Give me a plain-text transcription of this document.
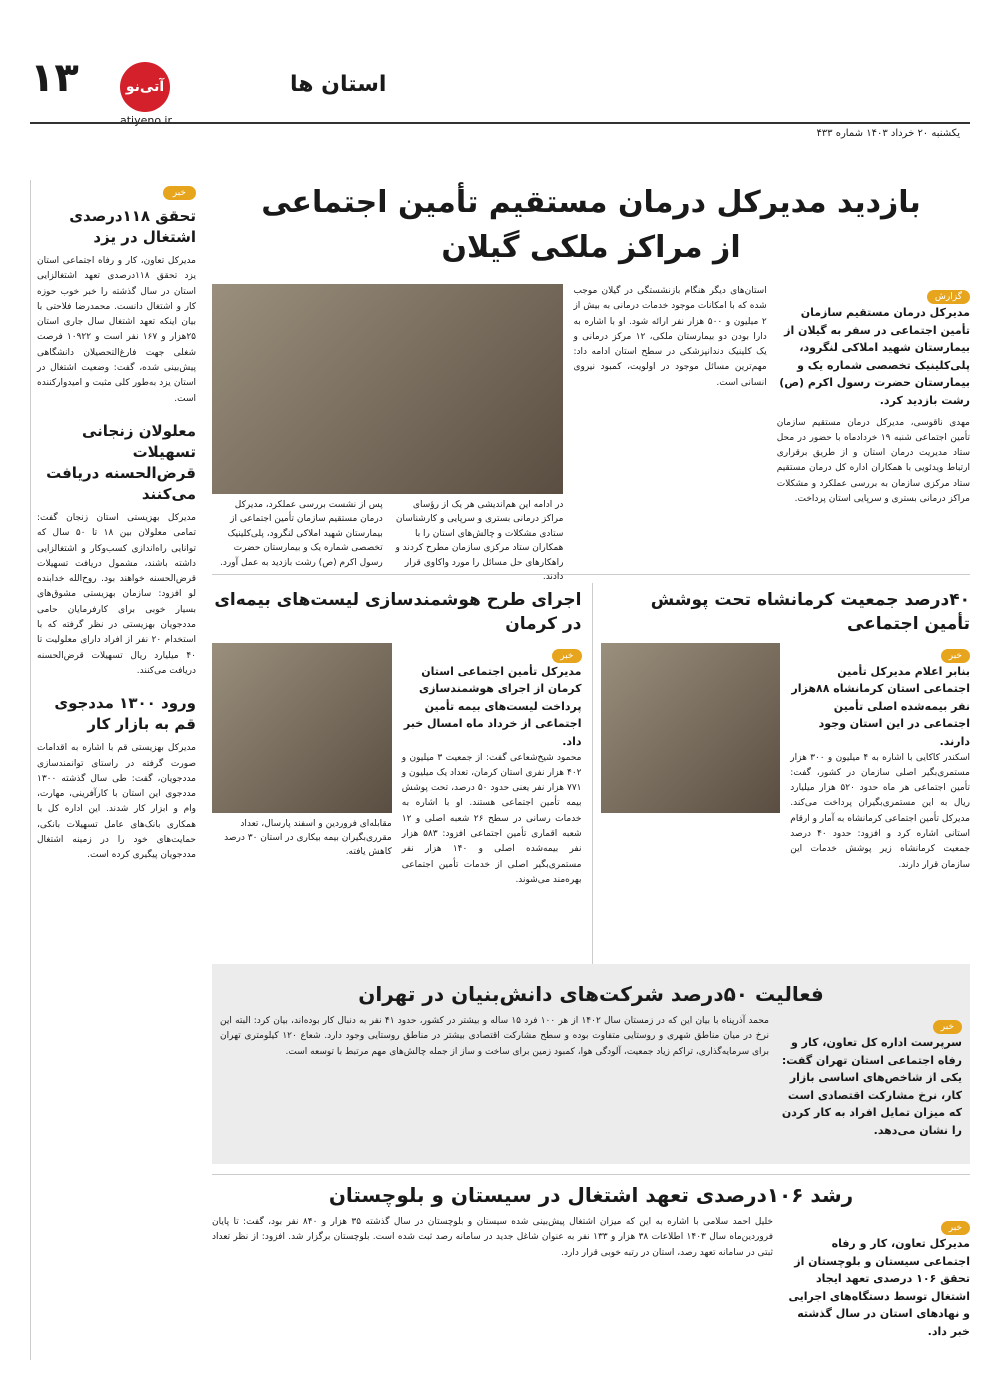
۱۳	آتی‌نو
atiyeno.ir
استان ها
یکشنبه ۲۰ خرداد ۱۴۰۳ شماره ۴۳۳
خبر
تحقق ۱۱۸درصدی اشتغال در یزد
مدیرکل تعاون، کار و رفاه اجتماعی استان یزد تحقق ۱۱۸درصدی تعهد اشتغالزایی استان در سال گذشته را خبر خوب حوزه کار و اشتغال دانست. محمدرضا فلاحتی با بیان اینکه تعهد اشتغال سال جاری استان ۲۵هزار و ۱۶۷ نفر است و ۱۰۹۲۲ فرصت شغلی جهت فارغ‌التحصیلان دانشگاهی پیش‌بینی شده، گفت: وضعیت اشتغال در استان یزد به‌طور کلی مثبت و امیدوارکننده است.
معلولان زنجانی تسهیلات قرض‌الحسنه دریافت می‌کنند
مدیرکل بهزیستی استان زنجان گفت: تمامی معلولان بین ۱۸ تا ۵۰ سال که توانایی راه‌اندازی کسب‌وکار و اشتغالزایی داشته باشند، مشمول دریافت تسهیلات قرض‌الحسنه خواهند بود. روح‌الله خدابنده لو افزود: سازمان بهزیستی مشوق‌های بسیار خوبی برای کارفرمایان حامی مددجویان بهزیستی در نظر گرفته که با استخدام ۲۰ نفر از افراد دارای معلولیت تا ۴۰ میلیارد ریال تسهیلات قرض‌الحسنه دریافت می‌کنند.
ورود ۱۳۰۰ مددجوی قم به بازار کار
مدیرکل بهزیستی قم با اشاره به اقدامات صورت گرفته در راستای توانمندسازی مددجویان، گفت: طی سال گذشته ۱۳۰۰ مددجوی این استان با کارآفرینی، مهارت، وام و ابزار کار شدند. این اداره کل با همکاری بانک‌های عامل تسهیلات بانکی، حمایت‌های خود را در زمینه اشتغال مددجویان پیگیری کرده است.
بازدید مدیرکل درمان مستقیم تأمین اجتماعی
از مراکز ملکی گیلان
گزارش
مدیرکل درمان مستقیم سازمان تأمین اجتماعی در سفر به گیلان از بیمارستان شهید املاکی لنگرود، پلی‌کلینیک تخصصی شماره یک و بیمارستان حضرت رسول اکرم (ص) رشت بازدید کرد.
مهدی ناقوسی، مدیرکل درمان مستقیم سازمان تأمین اجتماعی شنبه ۱۹ خردادماه با حضور در محل ستاد مدیریت درمان استان و از طریق برقراری ارتباط ویدئویی با همکاران اداره کل درمان مستقیم ستاد مرکزی سازمان به بررسی عملکرد و مشکلات مراکز درمانی بستری و سرپایی استان پرداخت.
استان‌های دیگر هنگام بازنشستگی در گیلان موجب شده که با امکانات موجود خدمات درمانی به بیش از ۲ میلیون و ۵۰۰ هزار نفر ارائه شود. او با اشاره به دارا بودن دو بیمارستان ملکی، ۱۲ مرکز درمانی و یک کلینیک دندانپزشکی در سطح استان ادامه داد: مهم‌ترین مسائل موجود در اولویت، کمبود نیروی انسانی است.
در ادامه این هم‌اندیشی هر یک از رؤسای مراکز درمانی بستری و سرپایی و کارشناسان ستادی مشکلات و چالش‌های استان را با همکاران ستاد مرکزی سازمان مطرح کردند و راهکارهای حل مسائل را مورد واکاوی قرار دادند.
پس از نشست بررسی عملکرد، مدیرکل درمان مستقیم سازمان تأمین اجتماعی از بیمارستان شهید املاکی لنگرود، پلی‌کلینیک تخصصی شماره یک و بیمارستان حضرت رسول اکرم (ص) رشت بازدید به عمل آورد.
۴۰درصد جمعیت کرمانشاه تحت پوشش تأمین اجتماعی
خبر
بنابر اعلام مدیرکل تأمین اجتماعی استان کرمانشاه ۸۸هزار نفر بیمه‌شده اصلی تأمین اجتماعی در این استان وجود دارند.
اسکندر کاکایی با اشاره به ۴ میلیون و ۳۰۰ هزار مستمری‌بگیر اصلی سازمان در کشور، گفت: تأمین اجتماعی هر ماه حدود ۵۲۰ هزار میلیارد ریال به این مستمری‌بگیران پرداخت می‌کند. مدیرکل تأمین اجتماعی کرمانشاه به آمار و ارقام استانی اشاره کرد و افزود: حدود ۴۰ درصد جمعیت کرمانشاه زیر پوشش خدمات این سازمان قرار دارند.
اجرای طرح هوشمندسازی لیست‌های بیمه‌ای در کرمان
خبر
مدیرکل تأمین اجتماعی استان کرمان از اجرای هوشمندسازی پرداخت لیست‌های بیمه تأمین اجتماعی از خرداد ماه امسال خبر داد.
محمود شیخ‌شعاعی گفت: از جمعیت ۳ میلیون و ۴۰۲ هزار نفری استان کرمان، تعداد یک میلیون و ۷۷۱ هزار نفر یعنی حدود ۵۰ درصد، تحت پوشش بیمه تأمین اجتماعی هستند. او با اشاره به خدمات رسانی در سطح ۲۶ شعبه اصلی و ۱۲ شعبه اقماری تأمین اجتماعی افزود: ۵۸۳ هزار نفر بیمه‌شده اصلی و ۱۴۰ هزار نفر مستمری‌بگیر اصلی از خدمات تأمین اجتماعی بهره‌مند می‌شوند.
مقابله‌ای فروردین و اسفند پارسال، تعداد مقرری‌بگیران بیمه بیکاری در استان ۳۰ درصد کاهش یافته.
فعالیت ۵۰درصد شرکت‌های دانش‌بنیان در تهران
خبر
سرپرست اداره کل تعاون، کار و رفاه اجتماعی استان تهران گفت: یکی از شاخص‌های اساسی بازار کار، نرخ مشارکت اقتصادی است که میزان تمایل افراد به کار کردن را نشان می‌دهد.
محمد آذرپناه با بیان این که در زمستان سال ۱۴۰۲ از هر ۱۰۰ فرد ۱۵ ساله و بیشتر در کشور، حدود ۴۱ نفر به دنبال کار بوده‌اند، بیان کرد: البته این نرخ در میان مناطق شهری و روستایی متفاوت بوده و سطح مشارکت اقتصادی بیشتر در مناطق روستایی وجود دارد. شعاع ۱۲۰ کیلومتری تهران برای سرمایه‌گذاری، تراکم زیاد جمعیت، آلودگی هوا، کمبود زمین برای ساخت و ساز از جمله چالش‌های مهم مرتبط با توسعه است.
رشد ۱۰۶درصدی تعهد اشتغال در سیستان و بلوچستان
خبر
مدیرکل تعاون، کار و رفاه اجتماعی سیستان و بلوچستان از تحقق ۱۰۶ درصدی تعهد ایجاد اشتغال توسط دستگاه‌های اجرایی و نهادهای استان در سال گذشته خبر داد.
خلیل احمد سلامی با اشاره به این که میزان اشتغال پیش‌بینی شده سیستان و بلوچستان در سال گذشته ۳۵ هزار و ۸۴۰ نفر بود، گفت: تا پایان فروردین‌ماه سال ۱۴۰۳ اطلاعات ۳۸ هزار و ۱۳۳ نفر به عنوان شاغل جدید در سامانه رصد ثبت شده است. بلوچستان برگزار شد. افزود: از نظر تعداد ثبتی در سامانه تعهد رصد، استان در رتبه خوبی قرار دارد.
